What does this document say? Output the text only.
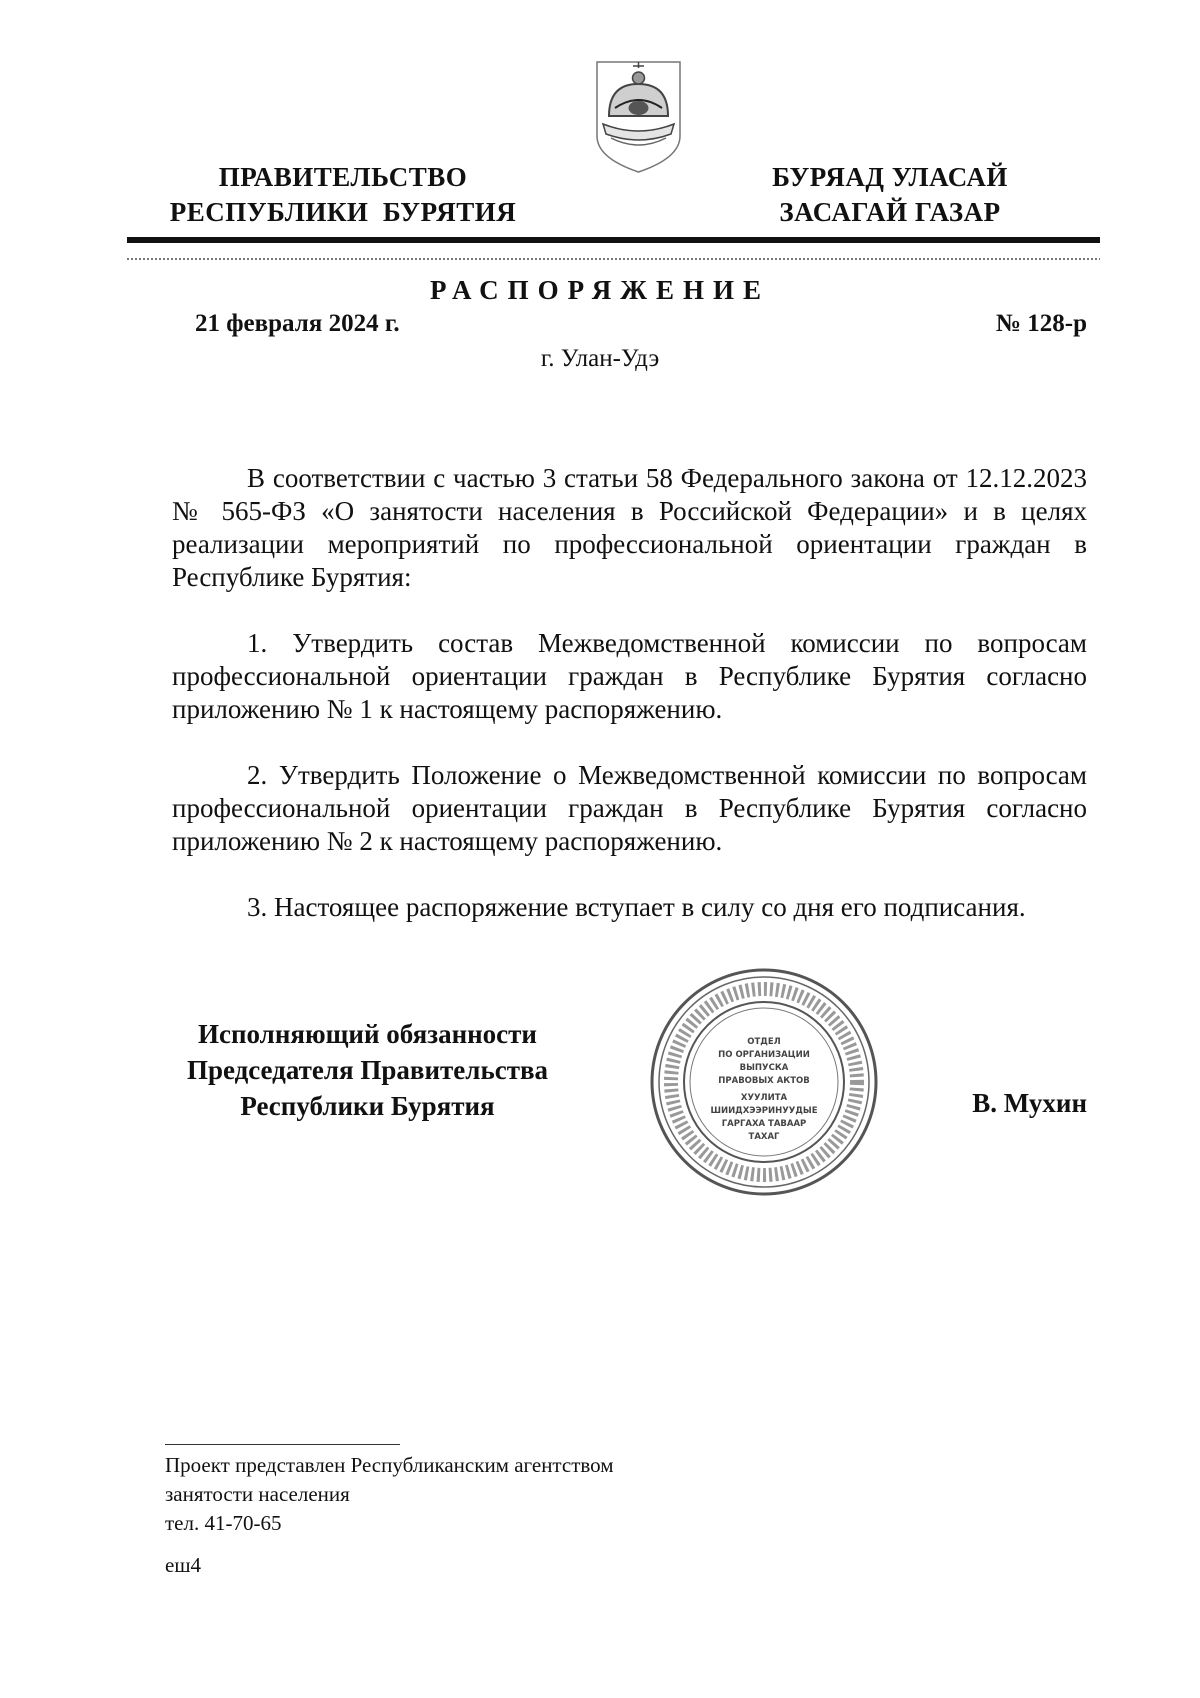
ПРАВИТЕЛЬСТВО
РЕСПУБЛИКИ  БУРЯТИЯ
БУРЯАД УЛАСАЙ
ЗАСАГАЙ ГАЗАР
РАСПОРЯЖЕНИЕ
21 февраля 2024 г.	№ 128-р
г. Улан-Удэ

В соответствии с частью 3 статьи 58 Федерального закона от 12.12.2023 № 565-ФЗ «О занятости населения в Российской Федерации» и в целях реализации мероприятий по профессиональной ориентации граждан в Республике Бурятия:

1. Утвердить состав Межведомственной комиссии по вопросам профессиональной ориентации граждан в Республике Бурятия согласно приложению № 1 к настоящему распоряжению.

2. Утвердить Положение о Межведомственной комиссии по вопросам профессиональной ориентации граждан в Республике Бурятия согласно приложению № 2 к настоящему распоряжению.

3. Настоящее распоряжение вступает в силу со дня его подписания.

Исполняющий обязанности
Председателя Правительства
Республики Бурятия
ОТДЕЛ
ПО ОРГАНИЗАЦИИ
ВЫПУСКА
ПРАВОВЫХ АКТОВ
ХУУЛИТА
ШИИДХЭЭРИНУУДЫЕ
ГАРГАХА ТАВААР
ТАХАГ
В. Мухин
Проект представлен Республиканским агентством
занятости населения
тел. 41-70-65
еш4
